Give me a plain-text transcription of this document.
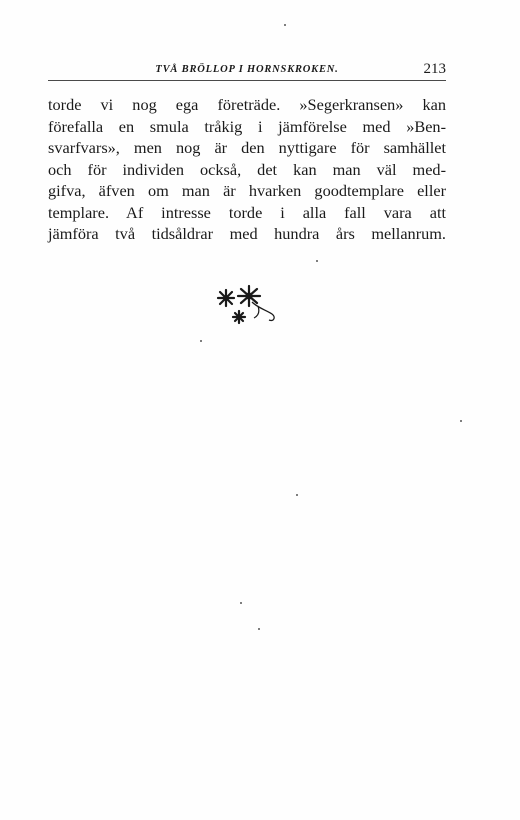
TVÅ BRÖLLOP I HORNSKROKEN.	213
torde vi nog ega företräde. »Segerkransen» kan
förefalla en smula tråkig i jämförelse med »Ben-
svarfvars», men nog är den nyttigare för samhället
och för individen också, det kan man väl med-
gifva, äfven om man är hvarken goodtemplare eller
templare. Af intresse torde i alla fall vara att
jämföra två tidsåldrar med hundra års mellanrum.
